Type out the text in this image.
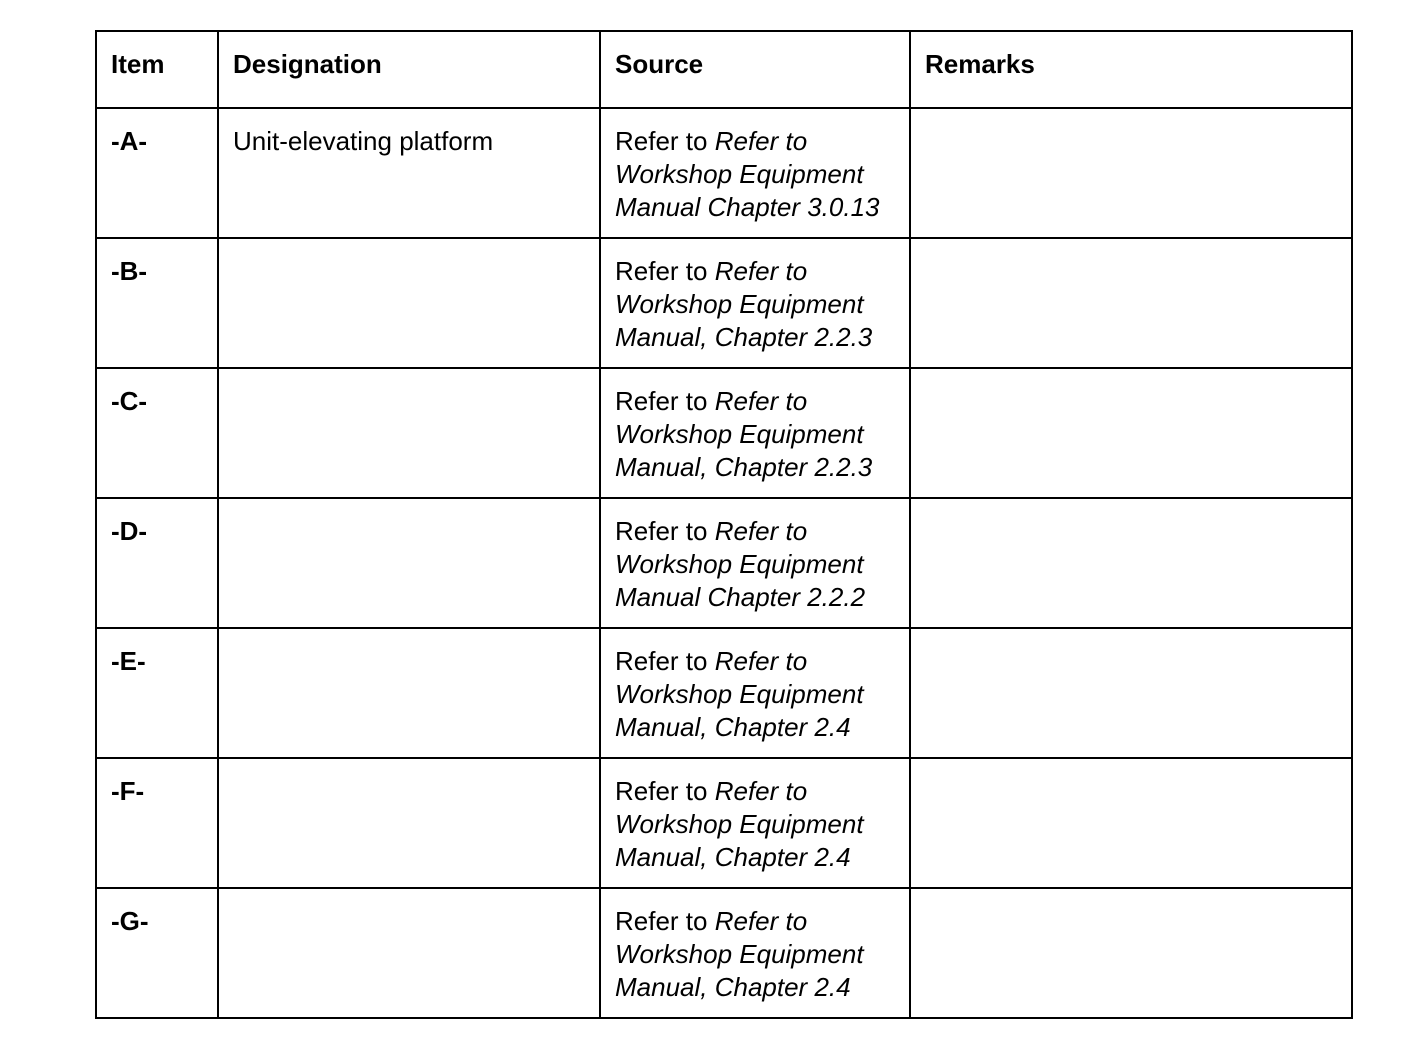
Item	Designation	Source	Remarks
-A-	Unit-elevating platform	Refer to Refer to Workshop Equipment Manual Chapter 3.0.13	
-B-		Refer to Refer to Workshop Equipment Manual, Chapter 2.2.3	
-C-		Refer to Refer to Workshop Equipment Manual, Chapter 2.2.3	
-D-		Refer to Refer to Workshop Equipment Manual Chapter 2.2.2	
-E-		Refer to Refer to Workshop Equipment Manual, Chapter 2.4	
-F-		Refer to Refer to Workshop Equipment Manual, Chapter 2.4	
-G-		Refer to Refer to Workshop Equipment Manual, Chapter 2.4	
